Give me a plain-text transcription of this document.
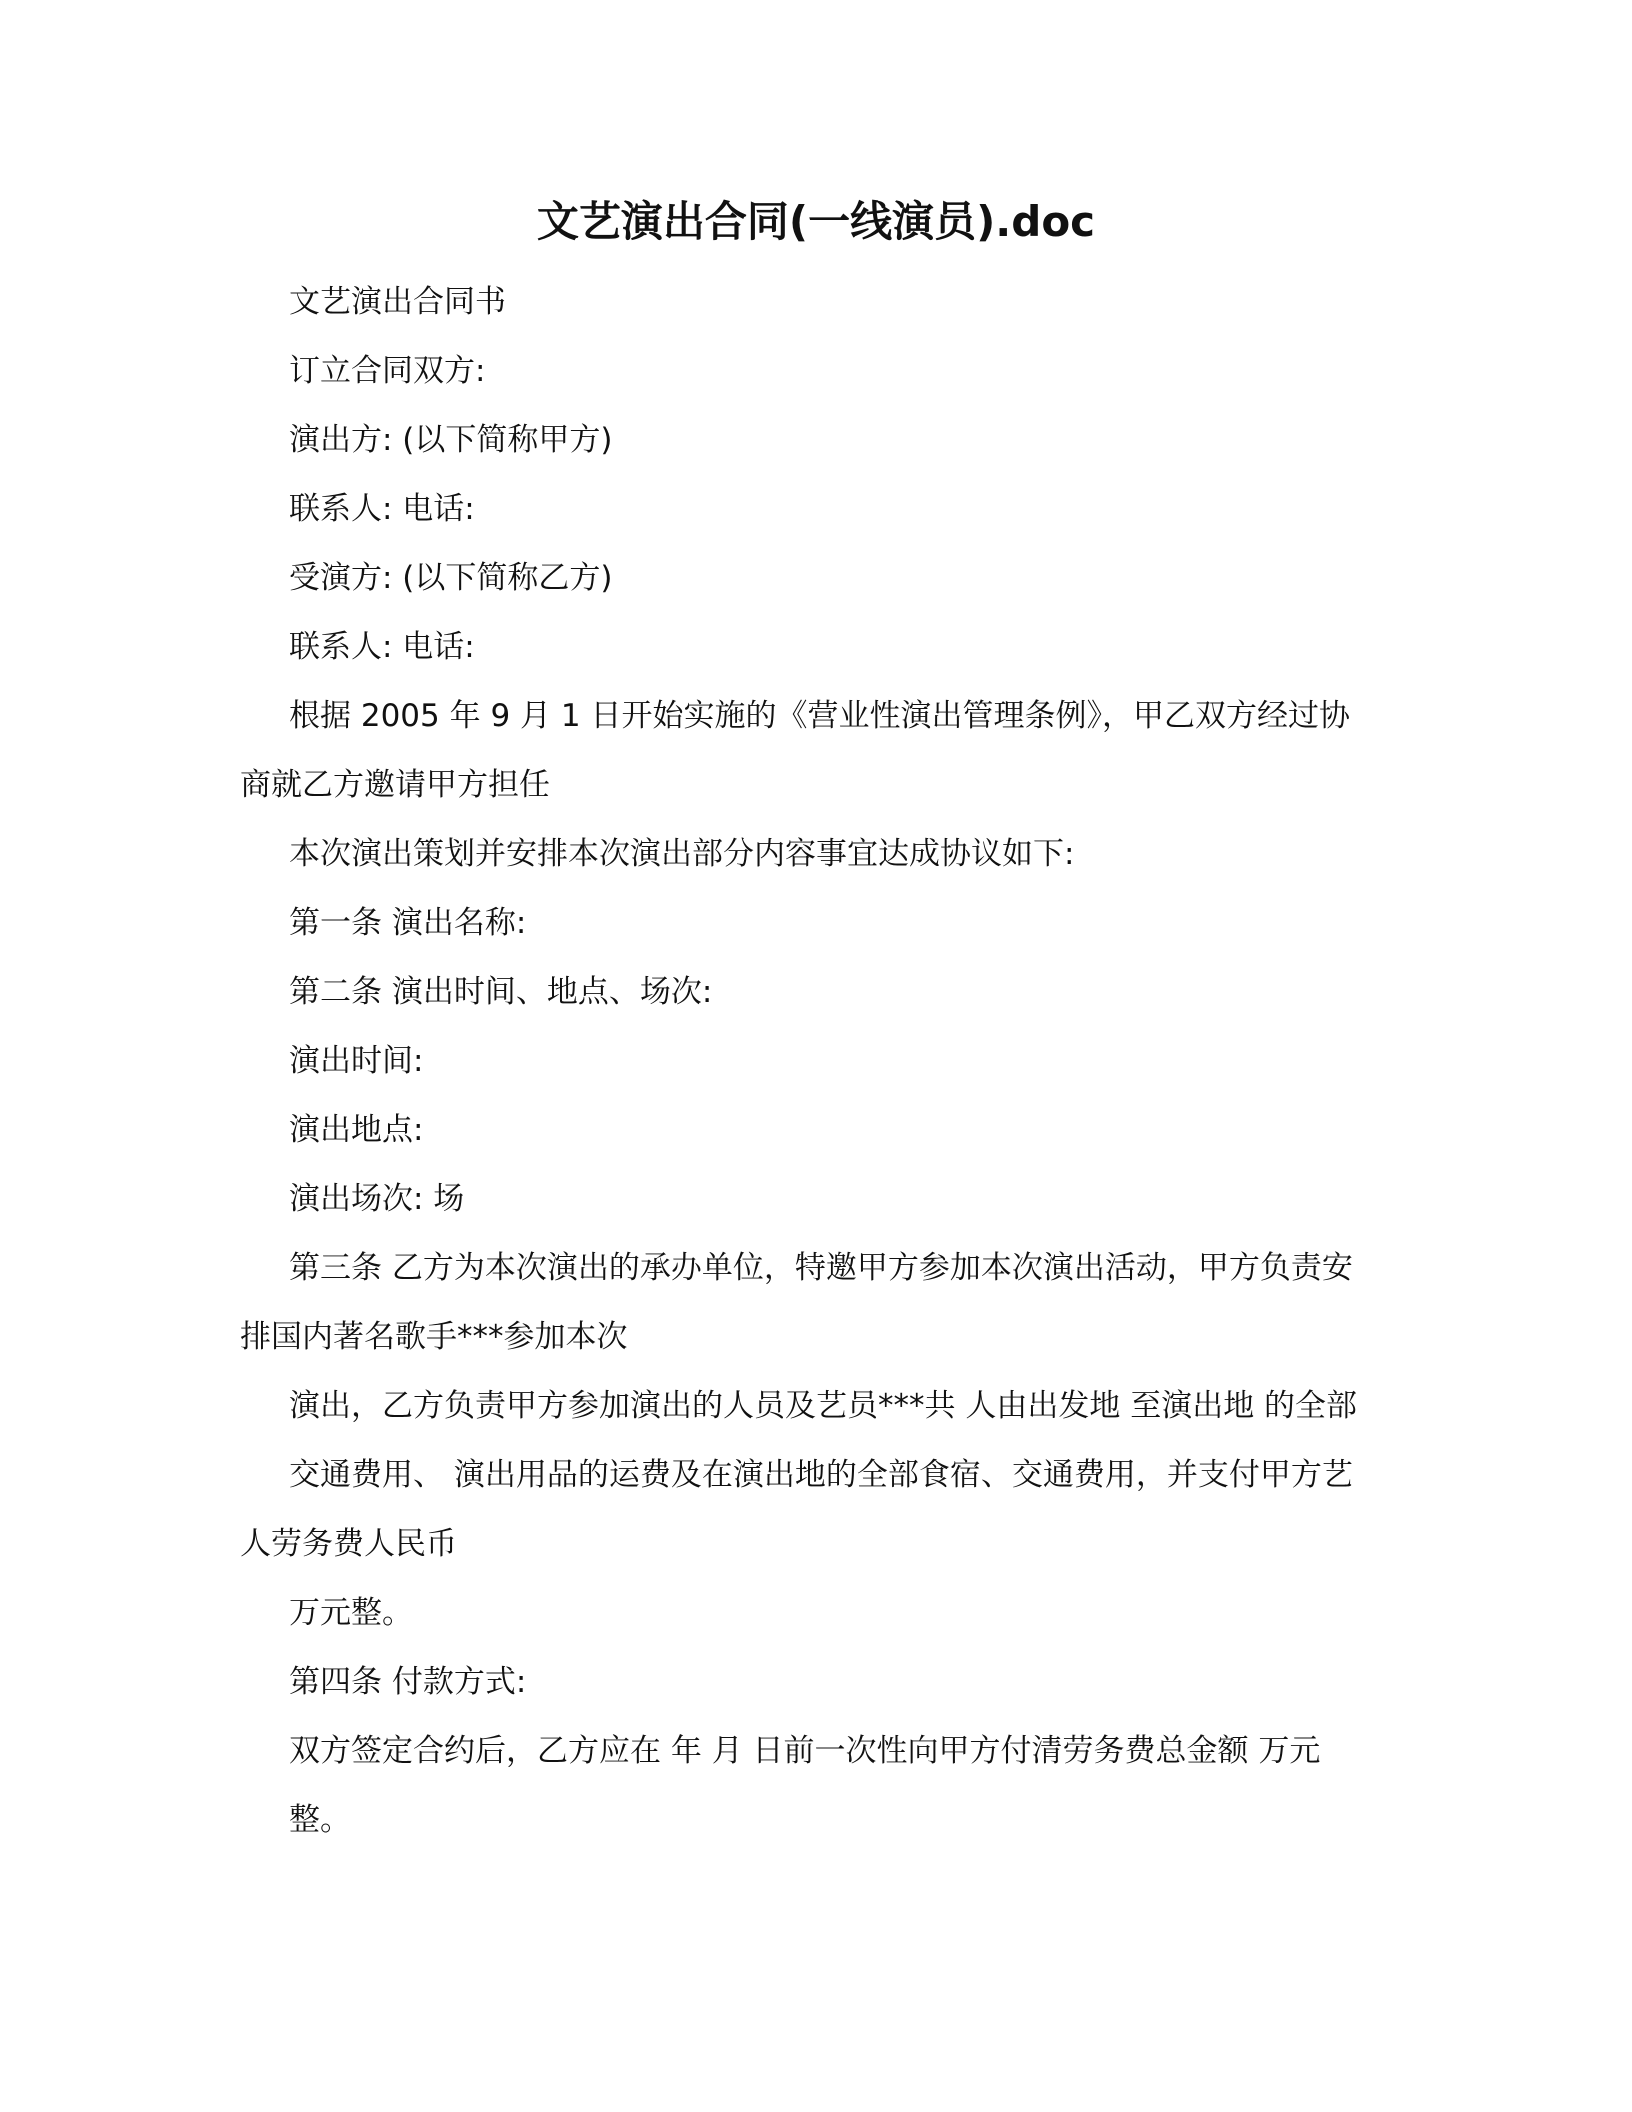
文艺演出合同(一线演员).doc
文艺演出合同书
订立合同双方:
演出方: (以下简称甲方)
联系人: 电话:
受演方: (以下简称乙方)
联系人: 电话:
根据 2005 年 9 月 1 日开始实施的《营业性演出管理条例》，甲乙双方经过协
商就乙方邀请甲方担任
本次演出策划并安排本次演出部分内容事宜达成协议如下:
第一条 演出名称:
第二条 演出时间、地点、场次:
演出时间:
演出地点:
演出场次: 场
第三条 乙方为本次演出的承办单位，特邀甲方参加本次演出活动，甲方负责安
排国内著名歌手***参加本次
演出，乙方负责甲方参加演出的人员及艺员***共 人由出发地 至演出地 的全部
交通费用、 演出用品的运费及在演出地的全部食宿、交通费用，并支付甲方艺
人劳务费人民币
万元整。
第四条 付款方式:
双方签定合约后，乙方应在 年 月 日前一次性向甲方付清劳务费总金额 万元
整。
